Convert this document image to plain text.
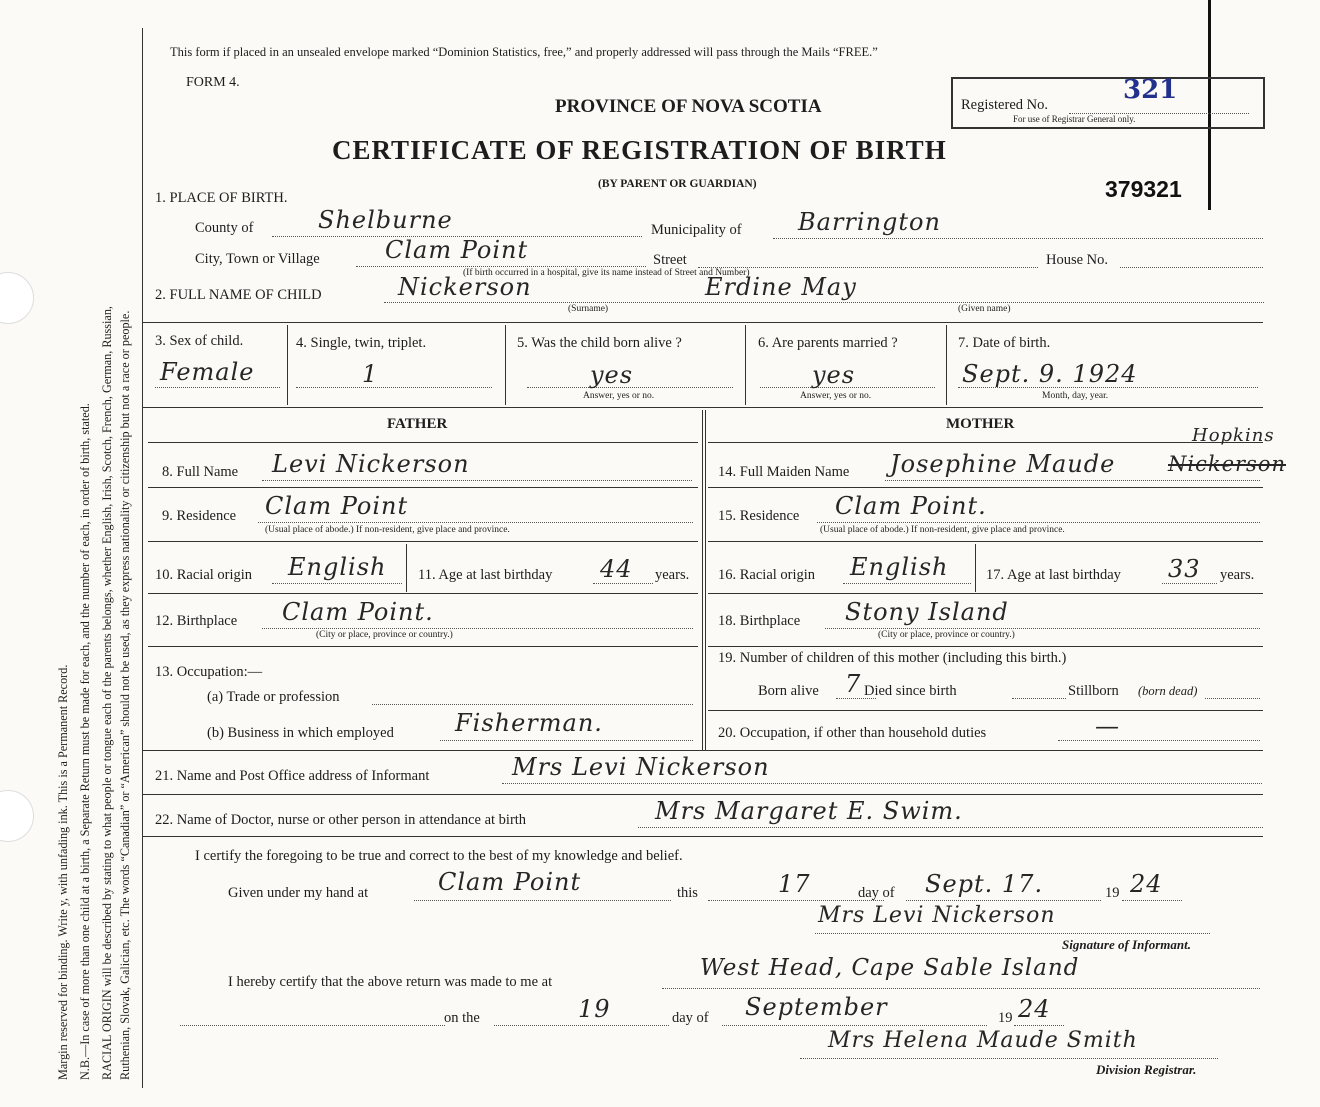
Margin reserved for binding. Write y, with unfading ink. This is a Permanent Record. N.B.—In case of more than one child at a birth, a Separate Return must be made for each, and the number of each, in order of birth, stated. RACIAL ORIGIN will be described by stating to what people or tongue each of the parents belongs, whether English, Irish, Scotch, French, German, Russian, Ruthenian, Slovak, Galician, etc. The words “Canadian” or “American” should not be used, as they express nationality or citizenship but not a race or people.
This form if placed in an unsealed envelope marked “Dominion Statistics, free,” and properly addressed will pass through the Mails “FREE.”
FORM 4.
PROVINCE OF NOVA SCOTIA
CERTIFICATE OF REGISTRATION OF BIRTH
(BY PARENT OR GUARDIAN)
Registered No.	321
For use of Registrar General only.
379321
1. PLACE OF BIRTH.
County of	Shelburne	Municipality of Barrington
City, Town or Village	Clam Point	Street	House No.
(If birth occurred in a hospital, give its name instead of Street and Number)
2. FULL NAME OF CHILD	Nickerson	Erdine May
(Surname)	(Given name)
3. Sex of child.
Female
4. Single, twin, triplet.
1
5. Was the child born alive ?
yes
Answer, yes or no.
6. Are parents married ?
yes
Answer, yes or no.
7. Date of birth.
Sept. 9. 1924
Month, day, year.
FATHER	MOTHER
8. Full Name Levi Nickerson
9. Residence Clam Point
(Usual place of abode.) If non-resident, give place and province.
10. Racial origin English 11. Age at last birthday 44 years.
12. Birthplace Clam Point.
(City or place, province or country.)
13. Occupation:—
(a) Trade or profession
(b) Business in which employed	Fisherman.
14. Full Maiden Name Josephine Maude	Nickerson
Hopkins
15. Residence Clam Point.
(Usual place of abode.) If non-resident, give place and province.
16. Racial origin English	17. Age at last birthday 33 years.
18. Birthplace Stony Island
(City or place, province or country.)
19. Number of children of this mother (including this birth.)
Born alive 7 Died since birth	Stillborn (born dead)
20. Occupation, if other than household duties	—
21. Name and Post Office address of Informant	Mrs Levi Nickerson
22. Name of Doctor, nurse or other person in attendance at birth	Mrs Margaret E. Swim.
I certify the foregoing to be true and correct to the best of my knowledge and belief.
Given under my hand at	Clam Point	this	17	day of Sept. 17.	19 24
Mrs Levi Nickerson
Signature of Informant.
I hereby certify that the above return was made to me at
West Head, Cape Sable Island
on the	19	day of September	19 24
Mrs Helena Maude Smith
Division Registrar.
